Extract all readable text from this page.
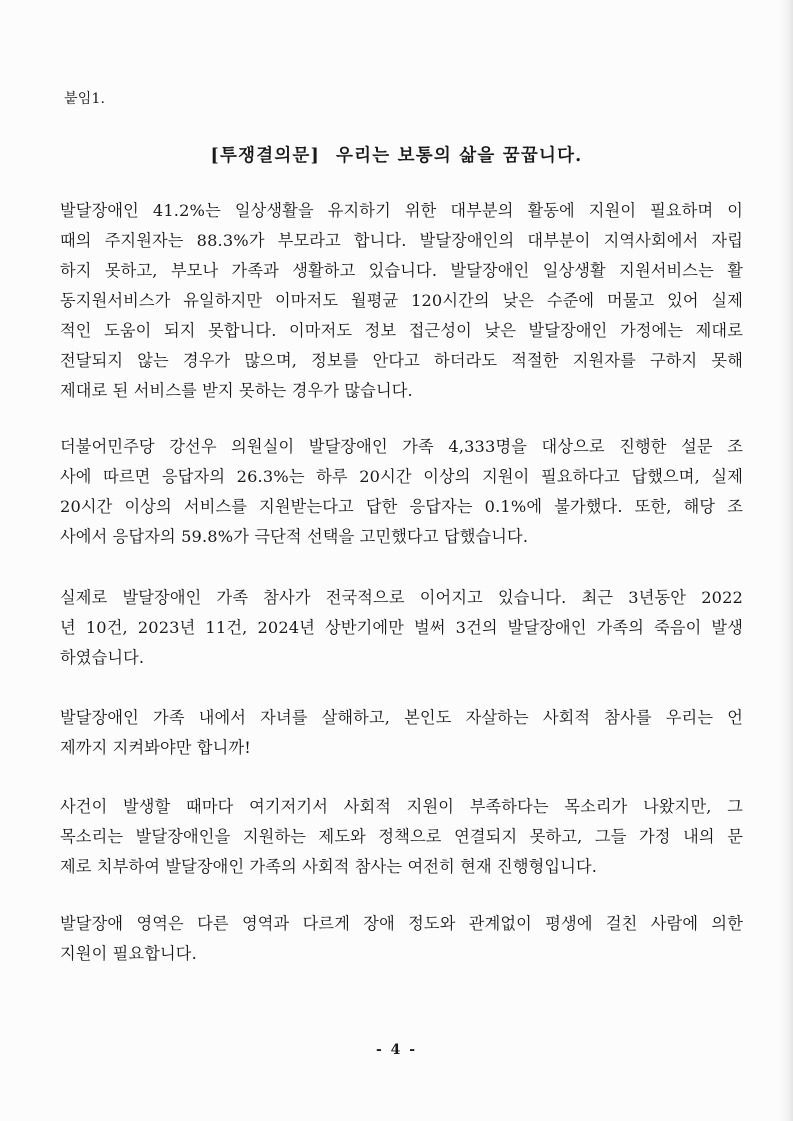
붙임1.
[투쟁결의문] 우리는 보통의 삶을 꿈꿉니다.
발달장애인 41.2%는 일상생활을 유지하기 위한 대부분의 활동에 지원이 필요하며 이
때의 주지원자는 88.3%가 부모라고 합니다. 발달장애인의 대부분이 지역사회에서 자립
하지 못하고, 부모나 가족과 생활하고 있습니다. 발달장애인 일상생활 지원서비스는 활
동지원서비스가 유일하지만 이마저도 월평균 120시간의 낮은 수준에 머물고 있어 실제
적인 도움이 되지 못합니다. 이마저도 정보 접근성이 낮은 발달장애인 가정에는 제대로
전달되지 않는 경우가 많으며, 정보를 안다고 하더라도 적절한 지원자를 구하지 못해
제대로 된 서비스를 받지 못하는 경우가 많습니다.
더불어민주당 강선우 의원실이 발달장애인 가족 4,333명을 대상으로 진행한 설문 조
사에 따르면 응답자의 26.3%는 하루 20시간 이상의 지원이 필요하다고 답했으며, 실제
20시간 이상의 서비스를 지원받는다고 답한 응답자는 0.1%에 불가했다. 또한, 해당 조
사에서 응답자의 59.8%가 극단적 선택을 고민했다고 답했습니다.
실제로 발달장애인 가족 참사가 전국적으로 이어지고 있습니다. 최근 3년동안 2022
년 10건, 2023년 11건, 2024년 상반기에만 벌써 3건의 발달장애인 가족의 죽음이 발생
하였습니다.
발달장애인 가족 내에서 자녀를 살해하고, 본인도 자살하는 사회적 참사를 우리는 언
제까지 지켜봐야만 합니까!
사건이 발생할 때마다 여기저기서 사회적 지원이 부족하다는 목소리가 나왔지만, 그
목소리는 발달장애인을 지원하는 제도와 정책으로 연결되지 못하고, 그들 가정 내의 문
제로 치부하여 발달장애인 가족의 사회적 참사는 여전히 현재 진행형입니다.
발달장애 영역은 다른 영역과 다르게 장애 정도와 관계없이 평생에 걸친 사람에 의한
지원이 필요합니다.
- 4 -
